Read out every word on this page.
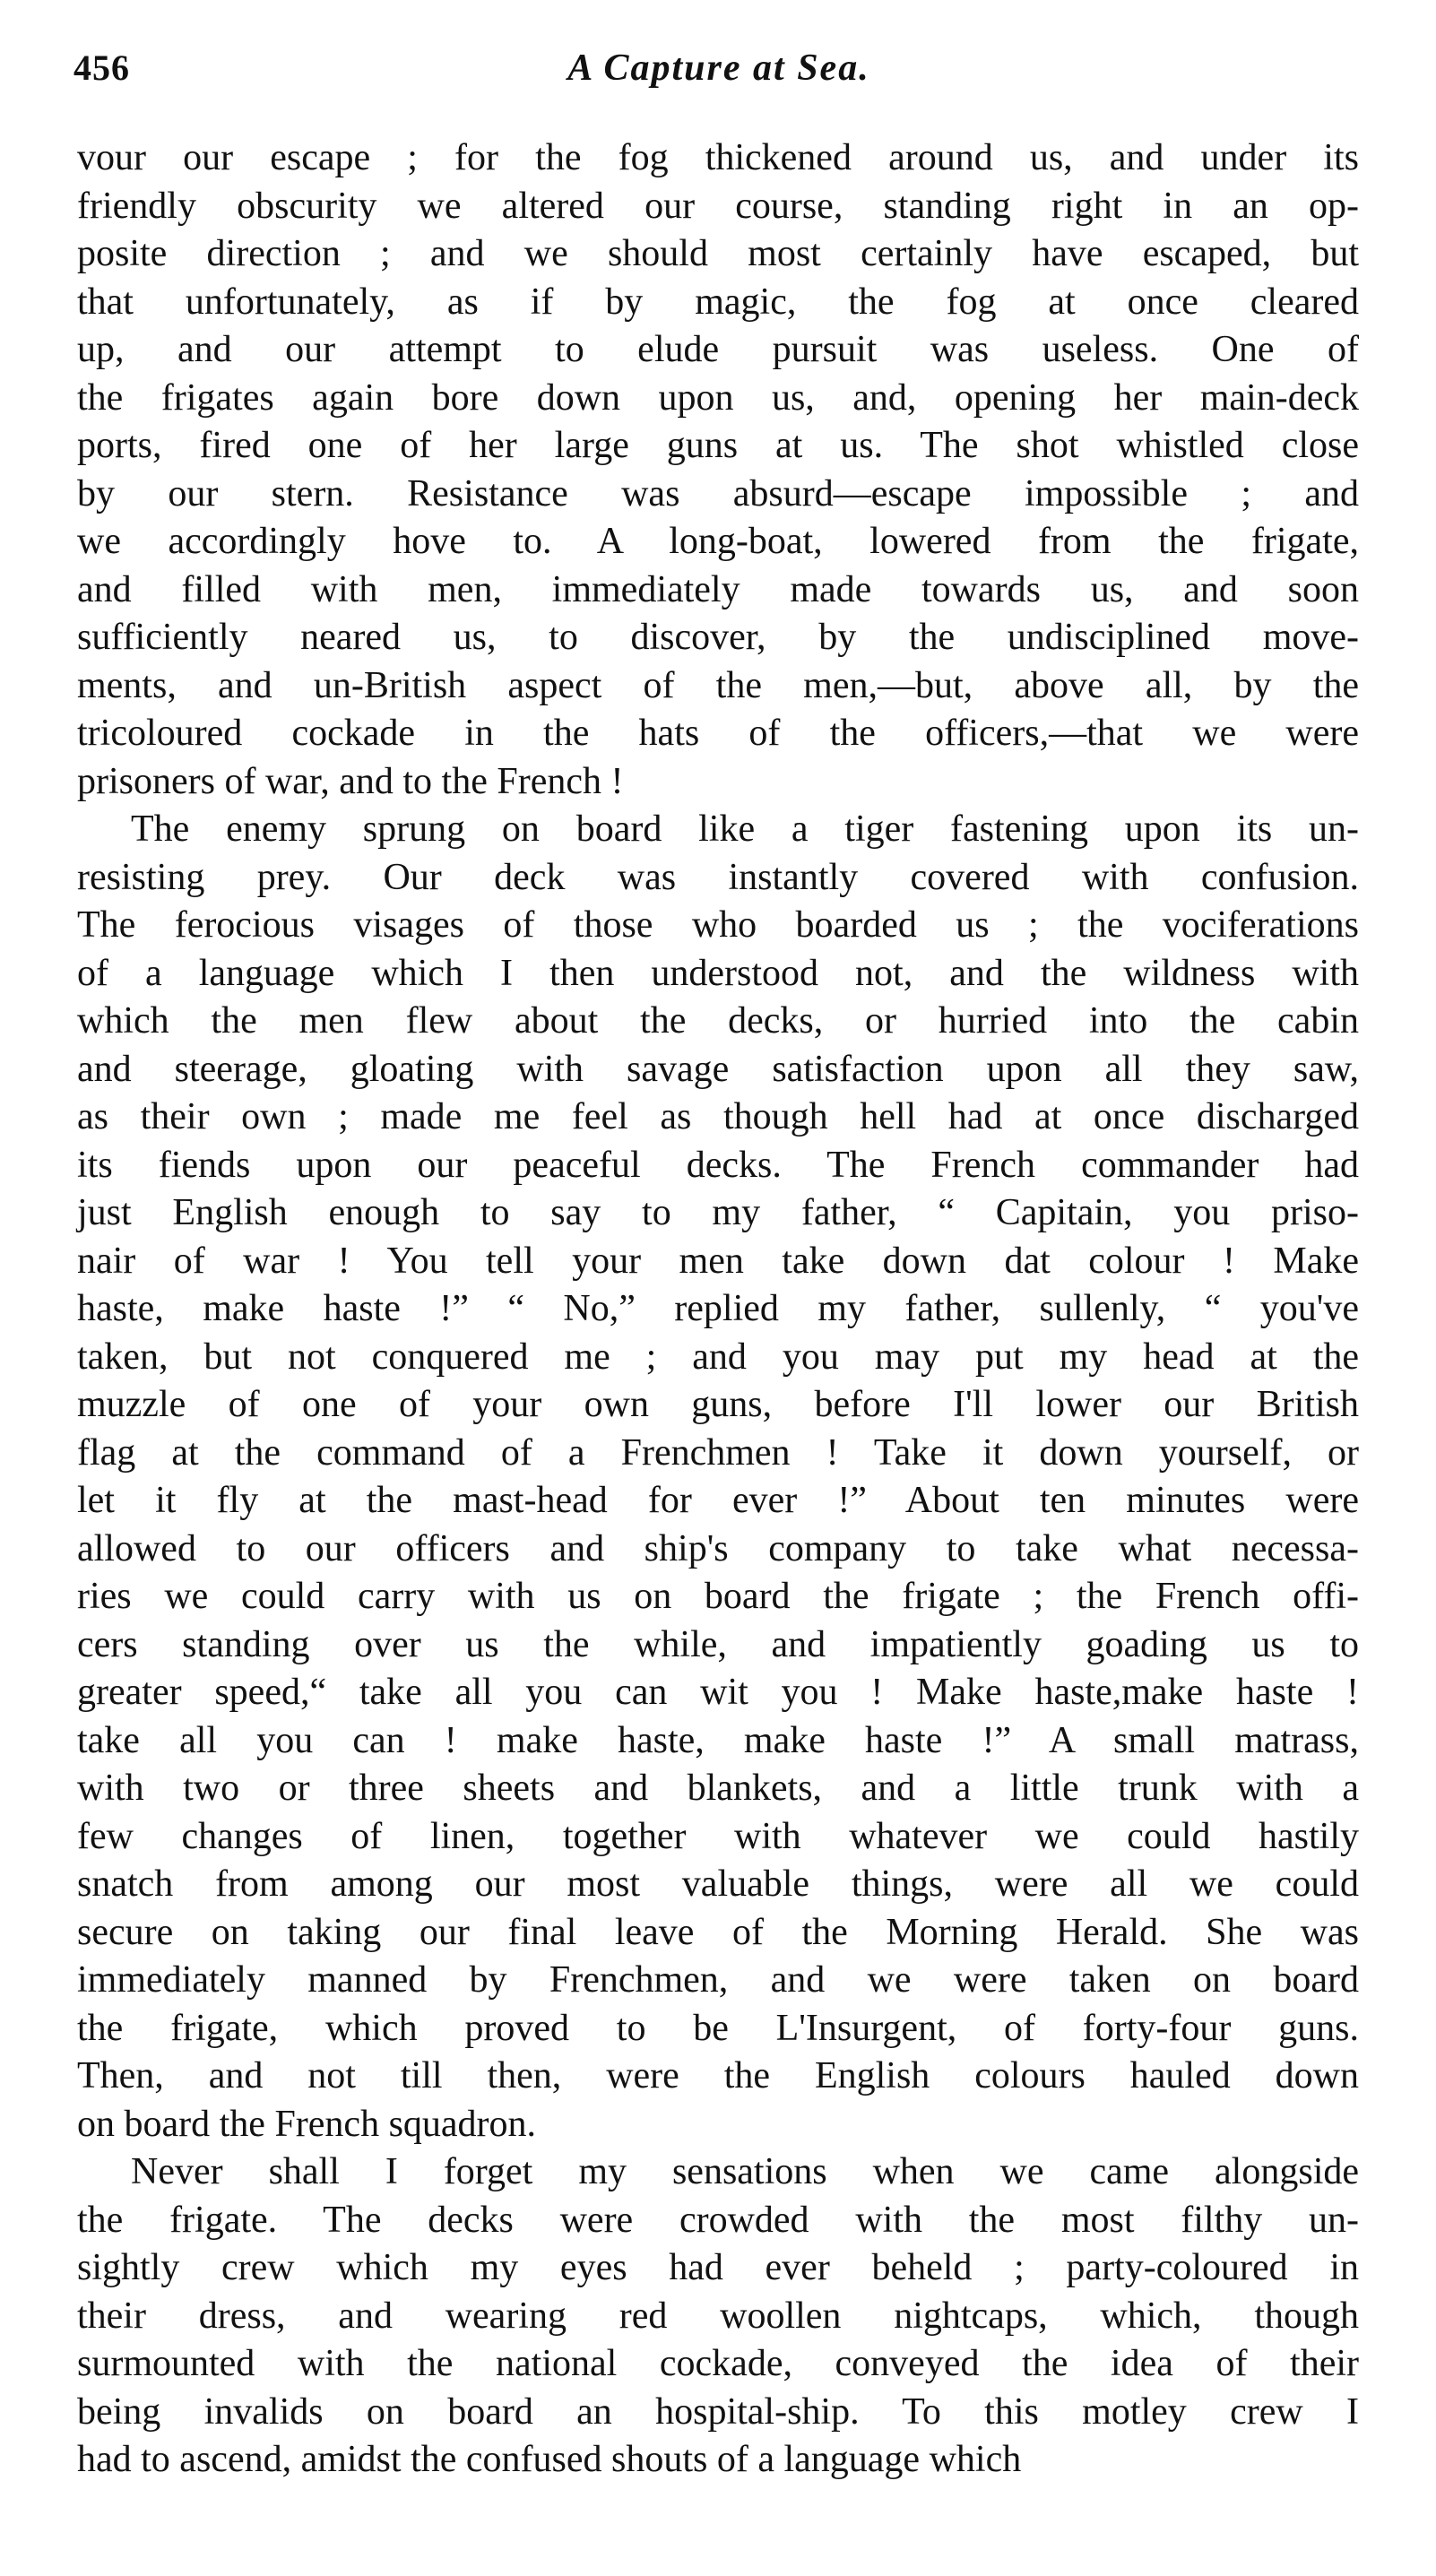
456	A Capture at Sea.
vour our escape ; for the fog thickened around us, and under its
friendly obscurity we altered our course, standing right in an op-
posite direction ; and we should most certainly have escaped, but
that unfortunately, as if by magic, the fog at once cleared
up, and our attempt to elude pursuit was useless. One of
the frigates again bore down upon us, and, opening her main-deck
ports, fired one of her large guns at us. The shot whistled close
by our stern. Resistance was absurd—escape impossible ; and
we accordingly hove to. A long-boat, lowered from the frigate,
and filled with men, immediately made towards us, and soon
sufficiently neared us, to discover, by the undisciplined move-
ments, and un-British aspect of the men,—but, above all, by the
tricoloured cockade in the hats of the officers,—that we were
prisoners of war, and to the French !
The enemy sprung on board like a tiger fastening upon its un-
resisting prey. Our deck was instantly covered with confusion.
The ferocious visages of those who boarded us ; the vociferations
of a language which I then understood not, and the wildness with
which the men flew about the decks, or hurried into the cabin
and steerage, gloating with savage satisfaction upon all they saw,
as their own ; made me feel as though hell had at once discharged
its fiends upon our peaceful decks. The French commander had
just English enough to say to my father, “ Capitain, you priso-
nair of war ! You tell your men take down dat colour ! Make
haste, make haste !” “ No,” replied my father, sullenly, “ you've
taken, but not conquered me ; and you may put my head at the
muzzle of one of your own guns, before I'll lower our British
flag at the command of a Frenchmen ! Take it down yourself, or
let it fly at the mast-head for ever !” About ten minutes were
allowed to our officers and ship's company to take what necessa-
ries we could carry with us on board the frigate ; the French offi-
cers standing over us the while, and impatiently goading us to
greater speed,“ take all you can wit you ! Make haste,make haste !
take all you can ! make haste, make haste !” A small matrass,
with two or three sheets and blankets, and a little trunk with a
few changes of linen, together with whatever we could hastily
snatch from among our most valuable things, were all we could
secure on taking our final leave of the Morning Herald. She was
immediately manned by Frenchmen, and we were taken on board
the frigate, which proved to be L'Insurgent, of forty-four guns.
Then, and not till then, were the English colours hauled down
on board the French squadron.
Never shall I forget my sensations when we came alongside
the frigate. The decks were crowded with the most filthy un-
sightly crew which my eyes had ever beheld ; party-coloured in
their dress, and wearing red woollen nightcaps, which, though
surmounted with the national cockade, conveyed the idea of their
being invalids on board an hospital-ship. To this motley crew I
had to ascend, amidst the confused shouts of a language which
